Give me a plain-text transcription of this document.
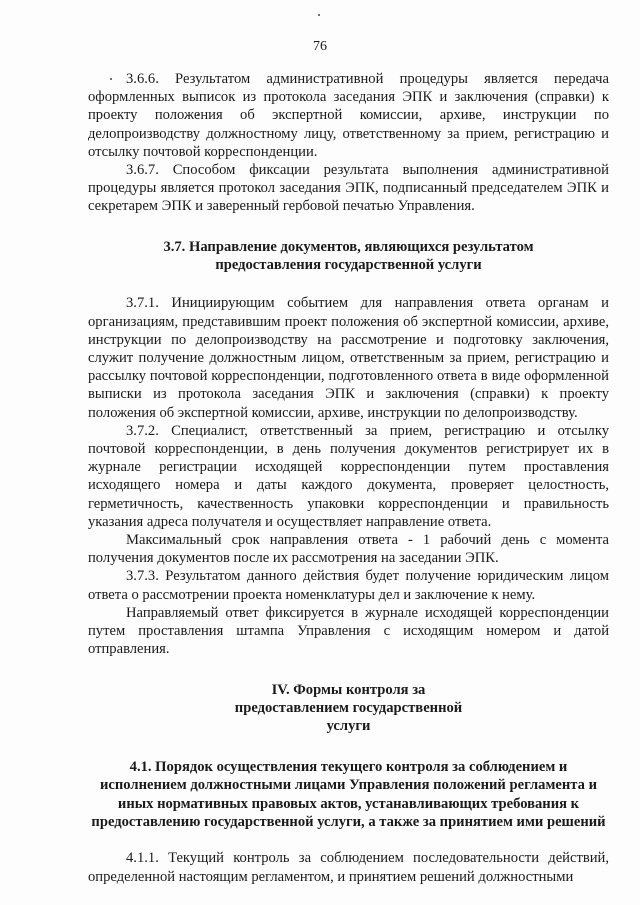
76

3.6.6. Результатом административной процедуры является передача оформленных выписок из протокола заседания ЭПК и заключения (справки) к проекту положения об экспертной комиссии, архиве, инструкции по делопроизводству должностному лицу, ответственному за прием, регистрацию и отсылку почтовой корреспонденции.

3.6.7. Способом фиксации результата выполнения административной процедуры является протокол заседания ЭПК, подписанный председателем ЭПК и секретарем ЭПК и заверенный гербовой печатью Управления.

3.7. Направление документов, являющихся результатом предоставления государственной услуги

3.7.1. Инициирующим событием для направления ответа органам и организациям, представившим проект положения об экспертной комиссии, архиве, инструкции по делопроизводству на рассмотрение и подготовку заключения, служит получение должностным лицом, ответственным за прием, регистрацию и рассылку почтовой корреспонденции, подготовленного ответа в виде оформленной выписки из протокола заседания ЭПК и заключения (справки) к проекту положения об экспертной комиссии, архиве, инструкции по делопроизводству.

3.7.2. Специалист, ответственный за прием, регистрацию и отсылку почтовой корреспонденции, в день получения документов регистрирует их в журнале регистрации исходящей корреспонденции путем проставления исходящего номера и даты каждого документа, проверяет целостность, герметичность, качественность упаковки корреспонденции и правильность указания адреса получателя и осуществляет направление ответа.

Максимальный срок направления ответа - 1 рабочий день с момента получения документов после их рассмотрения на заседании ЭПК.

3.7.3. Результатом данного действия будет получение юридическим лицом ответа о рассмотрении проекта номенклатуры дел и заключение к нему.

Направляемый ответ фиксируется в журнале исходящей корреспонденции путем проставления штампа Управления с исходящим номером и датой отправления.

IV. Формы контроля за предоставлением государственной услуги

4.1. Порядок осуществления текущего контроля за соблюдением и исполнением должностными лицами Управления положений регламента и иных нормативных правовых актов, устанавливающих требования к предоставлению государственной услуги, а также за принятием ими решений

4.1.1. Текущий контроль за соблюдением последовательности действий, определенной настоящим регламентом, и принятием решений должностными
